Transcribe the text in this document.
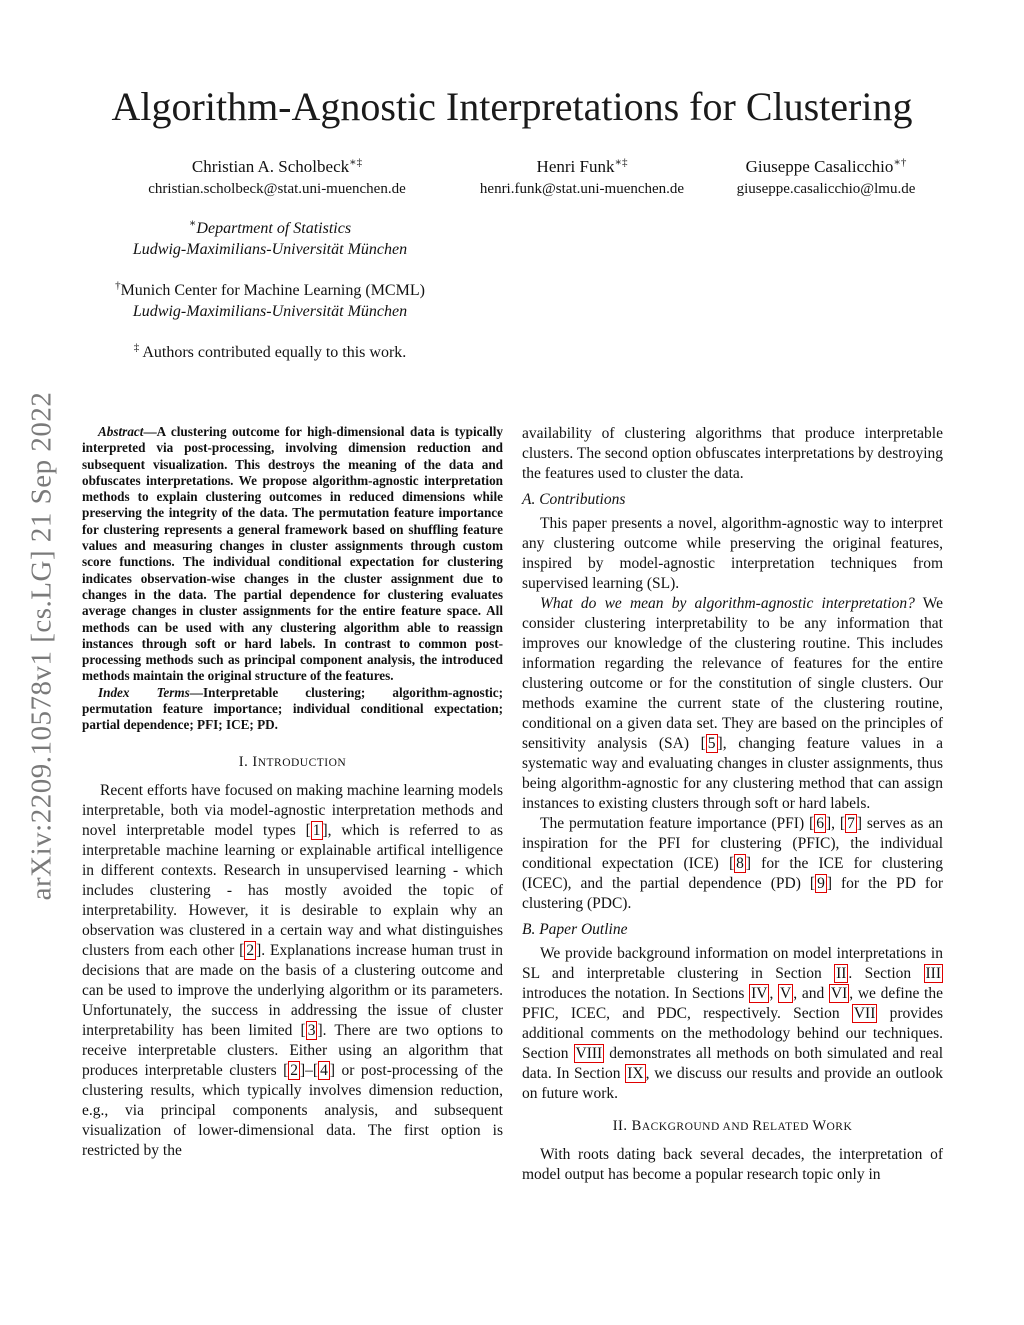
Algorithm-Agnostic Interpretations for Clustering
Christian A. Scholbeck∗‡
christian.scholbeck@stat.uni-muenchen.de
Henri Funk∗‡
henri.funk@stat.uni-muenchen.de
Giuseppe Casalicchio∗†
giuseppe.casalicchio@lmu.de
∗Department of Statistics
Ludwig-Maximilians-Universität München
†Munich Center for Machine Learning (MCML)
Ludwig-Maximilians-Universität München
‡ Authors contributed equally to this work.
arXiv:2209.10578v1 [cs.LG] 21 Sep 2022	Abstract—A clustering outcome for high-dimensional data is typically interpreted via post-processing, involving dimension reduction and subsequent visualization. This destroys the meaning of the data and obfuscates interpretations. We propose algorithm-agnostic interpretation methods to explain clustering outcomes in reduced dimensions while preserving the integrity of the data. The permutation feature importance for clustering represents a general framework based on shuffling feature values and measuring changes in cluster assignments through custom score functions. The individual conditional expectation for clustering indicates observation-wise changes in the cluster assignment due to changes in the data. The partial dependence for clustering evaluates average changes in cluster assignments for the entire feature space. All methods can be used with any clustering algorithm able to reassign instances through soft or hard labels. In contrast to common post-processing methods such as principal component analysis, the introduced methods maintain the original structure of the features.

Index Terms—Interpretable clustering; algorithm-agnostic; permutation feature importance; individual conditional expectation; partial dependence; PFI; ICE; PD.

I. INTRODUCTION

Recent efforts have focused on making machine learning models interpretable, both via model-agnostic interpretation methods and novel interpretable model types [ 1 ], which is referred to as interpretable machine learning or explainable artifical intelligence in different contexts. Research in unsupervised learning - which includes clustering - has mostly avoided the topic of interpretability. However, it is desirable to explain why an observation was clustered in a certain way and what distinguishes clusters from each other [ 2 ]. Explanations increase human trust in decisions that are made on the basis of a clustering outcome and can be used to improve the underlying algorithm or its parameters. Unfortunately, the success in addressing the issue of cluster interpretability has been limited [ 3 ]. There are two options to receive interpretable clusters. Either using an algorithm that produces interpretable clusters [ 2 ]–[ 4 ] or post-processing of the clustering results, which typically involves dimension reduction, e.g., via principal components analysis, and subsequent visualization of lower-dimensional data. The first option is restricted by the

availability of clustering algorithms that produce interpretable clusters. The second option obfuscates interpretations by destroying the features used to cluster the data.

A. Contributions

This paper presents a novel, algorithm-agnostic way to interpret any clustering outcome while preserving the original features, inspired by model-agnostic interpretation techniques from supervised learning (SL).

What do we mean by algorithm-agnostic interpretation? We consider clustering interpretability to be any information that improves our knowledge of the clustering routine. This includes information regarding the relevance of features for the entire clustering outcome or for the constitution of single clusters. Our methods examine the current state of the clustering routine, conditional on a given data set. They are based on the principles of sensitivity analysis (SA) [ 5 ], changing feature values in a systematic way and evaluating changes in cluster assignments, thus being algorithm-agnostic for any clustering method that can assign instances to existing clusters through soft or hard labels.

The permutation feature importance (PFI) [ 6 ], [ 7 ] serves as an inspiration for the PFI for clustering (PFIC), the individual conditional expectation (ICE) [ 8 ] for the ICE for clustering (ICEC), and the partial dependence (PD) [ 9 ] for the PD for clustering (PDC).

B. Paper Outline

We provide background information on model interpretations in SL and interpretable clustering in Section II . Section III introduces the notation. In Sections IV , V , and VI , we define the PFIC, ICEC, and PDC, respectively. Section VII provides additional comments on the methodology behind our techniques. Section VIII demonstrates all methods on both simulated and real data. In Section IX , we discuss our results and provide an outlook on future work.

II. BACKGROUND AND RELATED WORK

With roots dating back several decades, the interpretation of model output has become a popular research topic only in
